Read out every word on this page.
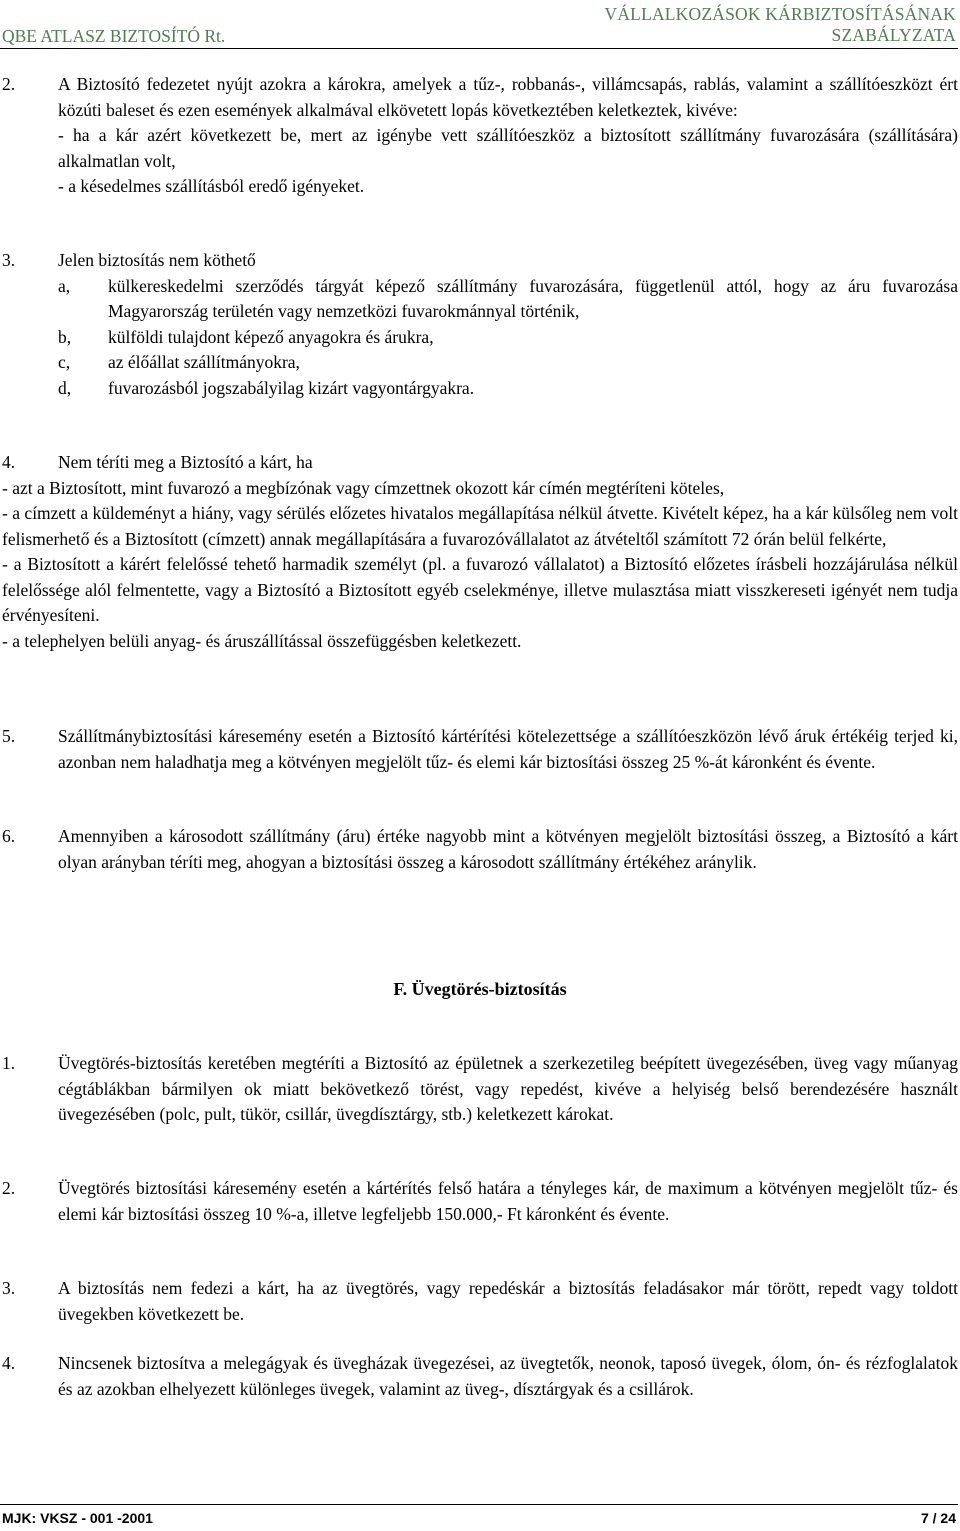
QBE ATLASZ BIZTOSÍTÓ Rt.
VÁLLALKOZÁSOK KÁRBIZTOSÍTÁSÁNAK
SZABÁLYZATA
2. A Biztosító fedezetet nyújt azokra a károkra, amelyek a tűz-, robbanás-, villámcsapás, rablás, valamint a szállítóeszközt ért közúti baleset és ezen események alkalmával elkövetett lopás következtében keletkeztek, kivéve:

- ha a kár azért következett be, mert az igénybe vett szállítóeszköz a biztosított szállítmány fuvarozására (szállítására) alkalmatlan volt,

- a késedelmes szállításból eredő igényeket.

3. Jelen biztosítás nem köthető

a, külkereskedelmi szerződés tárgyát képező szállítmány fuvarozására, függetlenül attól, hogy az áru fuvarozása Magyarország területén vagy nemzetközi fuvarokmánnyal történik,
b, külföldi tulajdont képező anyagokra és árukra,
c, az élőállat szállítmányokra,
d, fuvarozásból jogszabályilag kizárt vagyontárgyakra.
4. Nem téríti meg a Biztosító a kárt, ha

- azt a Biztosított, mint fuvarozó a megbízónak vagy címzettnek okozott kár címén megtéríteni köteles,

- a címzett a küldeményt a hiány, vagy sérülés előzetes hivatalos megállapítása nélkül átvette. Kivételt képez, ha a kár külsőleg nem volt felismerhető és a Biztosított (címzett) annak megállapítására a fuvarozóvállalatot az átvételtől számított 72 órán belül felkérte,

- a Biztosított a kárért felelőssé tehető harmadik személyt (pl. a fuvarozó vállalatot) a Biztosító előzetes írásbeli hozzájárulása nélkül felelőssége alól felmentette, vagy a Biztosító a Biztosított egyéb cselekménye, illetve mulasztása miatt visszkereseti igényét nem tudja érvényesíteni.

- a telephelyen belüli anyag- és áruszállítással összefüggésben keletkezett.

5. Szállítmánybiztosítási káresemény esetén a Biztosító kártérítési kötelezettsége a szállítóeszközön lévő áruk értékéig terjed ki, azonban nem haladhatja meg a kötvényen megjelölt tűz- és elemi kár biztosítási összeg 25 %-át káronként és évente.

6. Amennyiben a károsodott szállítmány (áru) értéke nagyobb mint a kötvényen megjelölt biztosítási összeg, a Biztosító a kárt olyan arányban téríti meg, ahogyan a biztosítási összeg a károsodott szállítmány értékéhez aránylik.

F. Üvegtörés-biztosítás
1. Üvegtörés-biztosítás keretében megtéríti a Biztosító az épületnek a szerkezetileg beépített üvegezésében, üveg vagy műanyag cégtáblákban bármilyen ok miatt bekövetkező törést, vagy repedést, kivéve a helyiség belső berendezésére használt üvegezésében (polc, pult, tükör, csillár, üvegdísztárgy, stb.) keletkezett károkat.

2. Üvegtörés biztosítási káresemény esetén a kártérítés felső határa a tényleges kár, de maximum a kötvényen megjelölt tűz- és elemi kár biztosítási összeg 10 %-a, illetve legfeljebb 150.000,- Ft káronként és évente.

3. A biztosítás nem fedezi a kárt, ha az üvegtörés, vagy repedéskár a biztosítás feladásakor már törött, repedt vagy toldott üvegekben következett be.

4. Nincsenek biztosítva a melegágyak és üvegházak üvegezései, az üvegtetők, neonok, taposó üvegek, ólom, ón- és rézfoglalatok és az azokban elhelyezett különleges üvegek, valamint az üveg-, dísztárgyak és a csillárok.

MJK: VKSZ - 001 -2001	7 / 24
